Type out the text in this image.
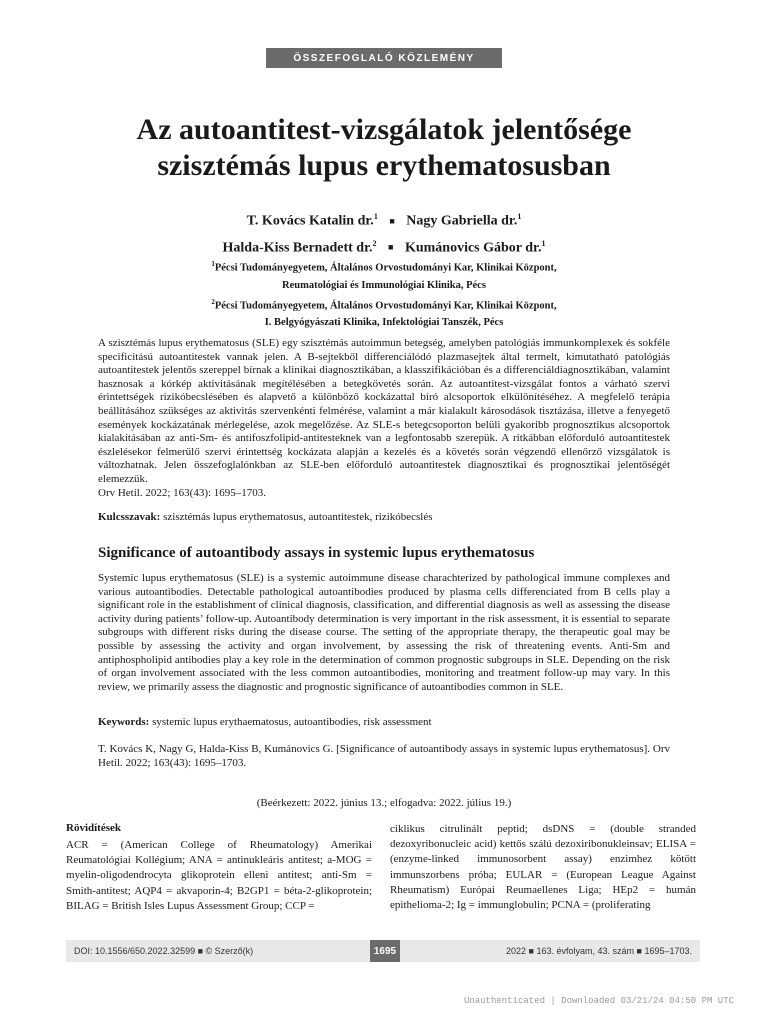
ÖSSZEFOGLALÓ KÖZLEMÉNY
Az autoantitest-vizsgálatok jelentősége
szisztémás lupus erythematosusban
T. Kovács Katalin dr.$^1$ ■ Nagy Gabriella dr.$^1$
Halda-Kiss Bernadett dr.$^2$ ■ Kumánovics Gábor dr.$^1$
$^1$Pécsi Tudományegyetem, Általános Orvostudományi Kar, Klinikai Központ,
Reumatológiai és Immunológiai Klinika, Pécs
$^2$Pécsi Tudományegyetem, Általános Orvostudományi Kar, Klinikai Központ,
I. Belgyógyászati Klinika, Infektológiai Tanszék, Pécs
A szisztémás lupus erythematosus (SLE) egy szisztémás autoimmun betegség, amelyben patológiás immunkomplexek és sokféle specificitású autoantitestek vannak jelen. A B-sejtekből differenciálódó plazmasejtek által termelt, kimutatható patológiás autoantitestek jelentős szereppel bírnak a klinikai diagnosztikában, a klasszifikációban és a differenciáldiagnosztikában, valamint hasznosak a kórkép aktivitásának megítélésében a betegkövetés során. Az autoantitest-vizsgálat fontos a várható szervi érintettségek rizikóbecslésében és alapvető a különböző kockázattal bíró alcsoportok elkülönítéséhez. A megfelelő terápia beállításához szükséges az aktivitás szervenkénti felmérése, valamint a már kialakult károsodások tisztázása, illetve a fenyegető események kockázatának mérlegelése, azok megelőzése. Az SLE-s betegcsoporton belüli gyakoribb prognosztikus alcsoportok kialakításában az anti-Sm- és antifoszfolipid-antitesteknek van a legfontosabb szerepük. A ritkábban előforduló autoantitestek észlelésekor felmerülő szervi érintettség kockázata alapján a kezelés és a követés során végzendő ellenőrző vizsgálatok is változhatnak. Jelen összefoglalónkban az SLE-ben előforduló autoantitestek diagnosztikai és prognosztikai jelentőségét elemezzük.
Orv Hetil. 2022; 163(43): 1695–1703.
Kulcsszavak: szisztémás lupus erythematosus, autoantitestek, rizikóbecslés
Significance of autoantibody assays in systemic lupus erythematosus
Systemic lupus erythematosus (SLE) is a systemic autoimmune disease charachterized by pathological immune complexes and various autoantibodies. Detectable pathological autoantibodies produced by plasma cells differenciated from B cells play a significant role in the establishment of clinical diagnosis, classification, and differential diagnosis as well as assessing the disease activity during patients’ follow-up. Autoantibody determination is very important in the risk assessment, it is essential to separate subgroups with different risks during the disease course. The setting of the appropriate therapy, the therapeutic goal may be possible by assessing the activity and organ involvement, by assessing the risk of threatening events. Anti-Sm and antiphospholipid antibodies play a key role in the determination of common prognostic subgroups in SLE. Depending on the risk of organ involvement associated with the less common autoantibodies, monitoring and treatment follow-up may vary. In this review, we primarily assess the diagnostic and prognostic significance of autoantibodies common in SLE.
Keywords: systemic lupus erythaematosus, autoantibodies, risk assessment
T. Kovács K, Nagy G, Halda-Kiss B, Kumánovics G. [Significance of autoantibody assays in systemic lupus erythematosus]. Orv Hetil. 2022; 163(43): 1695–1703.
(Beérkezett: 2022. június 13.; elfogadva: 2022. július 19.)
Rövidítések

ACR = (American College of Rheumatology) Amerikai Reumatológiai Kollégium; ANA = antinukleáris antitest; a-MOG = myelin-oligodendrocyta glikoprotein elleni antitest; anti-Sm = Smith-antitest; AQP4 = akvaporin-4; B2GP1 = béta-2-glikoprotein; BILAG = British Isles Lupus Assessment Group; CCP =

ciklikus citrulinált peptid; dsDNS = (double stranded dezoxyribonucleic acid) kettős szálú dezoxiribonukleinsav; ELISA = (enzyme-linked immunosorbent assay) enzimhez kötött immunszorbens próba; EULAR = (European League Against Rheumatism) Európai Reumaellenes Liga; HEp2 = humán epithelioma-2; Ig = immunglobulin; PCNA = (proliferating

DOI: 10.1556/650.2022.32599 ■ © Szerző(k)	1695	2022 ■ 163. évfolyam, 43. szám ■ 1695–1703.
Unauthenticated | Downloaded 03/21/24 04:50 PM UTC
